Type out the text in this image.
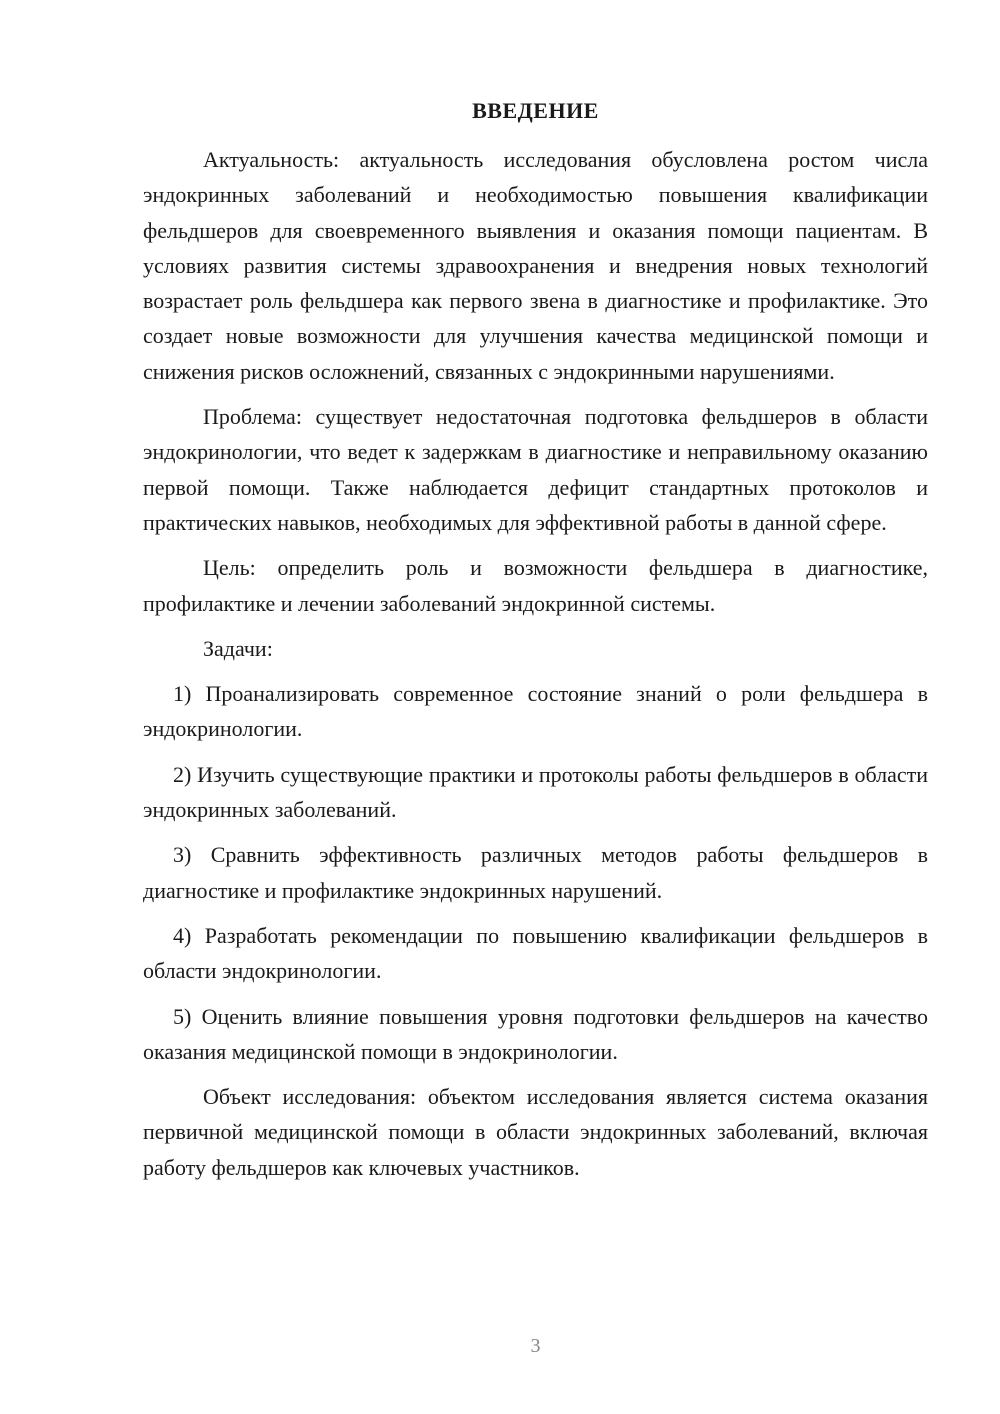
ВВЕДЕНИЕ

Актуальность: актуальность исследования обусловлена ростом числа эндокринных заболеваний и необходимостью повышения квалификации фельдшеров для своевременного выявления и оказания помощи пациентам. В условиях развития системы здравоохранения и внедрения новых технологий возрастает роль фельдшера как первого звена в диагностике и профилактике. Это создает новые возможности для улучшения качества медицинской помощи и снижения рисков осложнений, связанных с эндокринными нарушениями.

Проблема: существует недостаточная подготовка фельдшеров в области эндокринологии, что ведет к задержкам в диагностике и неправильному оказанию первой помощи. Также наблюдается дефицит стандартных протоколов и практических навыков, необходимых для эффективной работы в данной сфере.

Цель: определить роль и возможности фельдшера в диагностике, профилактике и лечении заболеваний эндокринной системы.

Задачи:

1) Проанализировать современное состояние знаний о роли фельдшера в эндокринологии.

2) Изучить существующие практики и протоколы работы фельдшеров в области эндокринных заболеваний.

3) Сравнить эффективность различных методов работы фельдшеров в диагностике и профилактике эндокринных нарушений.

4) Разработать рекомендации по повышению квалификации фельдшеров в области эндокринологии.

5) Оценить влияние повышения уровня подготовки фельдшеров на качество оказания медицинской помощи в эндокринологии.

Объект исследования: объектом исследования является система оказания первичной медицинской помощи в области эндокринных заболеваний, включая работу фельдшеров как ключевых участников.

3
